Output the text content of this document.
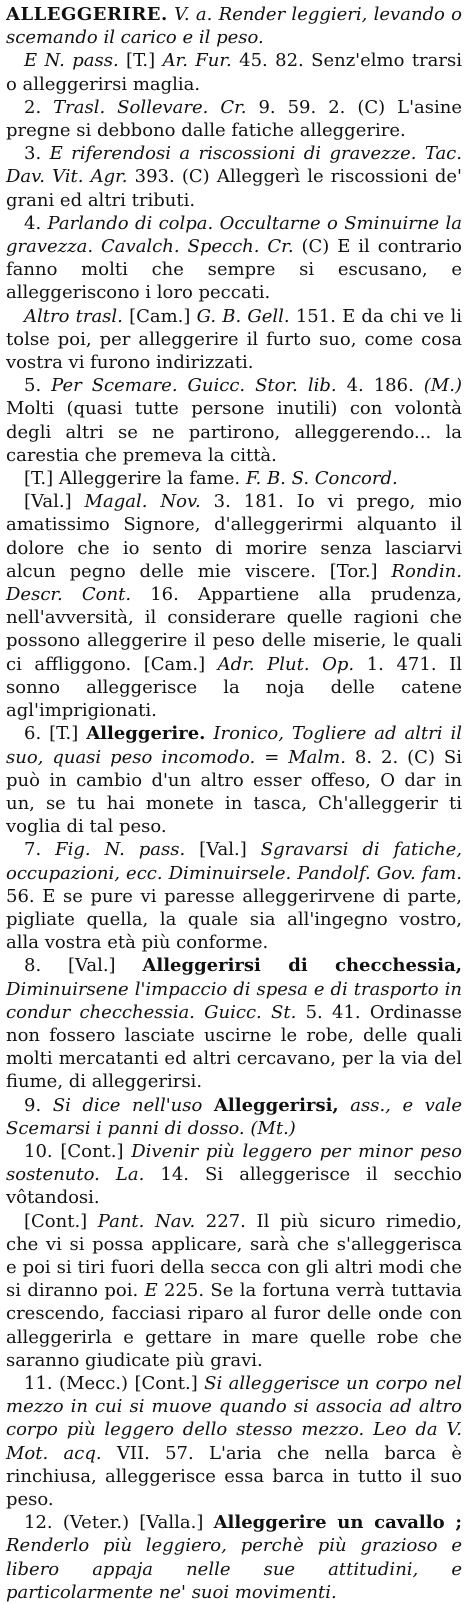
ALLEGGERIRE. V. a. Render leggieri, levando o scemando il carico e il peso.

E N. pass. [T.] Ar. Fur. 45. 82. Senz'elmo trarsi o alleggerirsi maglia.

2. Trasl. Sollevare. Cr. 9. 59. 2. (C) L'asine pregne si debbono dalle fatiche alleggerire.

3. E riferendosi a riscossioni di gravezze. Tac. Dav. Vit. Agr. 393. (C) Alleggerì le riscossioni de' grani ed altri tributi.

4. Parlando di colpa. Occultarne o Sminuirne la gravezza. Cavalch. Specch. Cr. (C) E il contrario fanno molti che sempre si escusano, e alleggeriscono i loro peccati.

Altro trasl. [Cam.] G. B. Gell. 151. E da chi ve li tolse poi, per alleggerire il furto suo, come cosa vostra vi furono indirizzati.

5. Per Scemare. Guicc. Stor. lib. 4. 186. (M.) Molti (quasi tutte persone inutili) con volontà degli altri se ne partirono, alleggerendo... la carestia che premeva la città.

[T.] Alleggerire la fame. F. B. S. Concord.

[Val.] Magal. Nov. 3. 181. Io vi prego, mio amatissimo Signore, d'alleggerirmi alquanto il dolore che io sento di morire senza lasciarvi alcun pegno delle mie viscere. [Tor.] Rondin. Descr. Cont. 16. Appartiene alla prudenza, nell'avversità, il considerare quelle ragioni che possono alleggerire il peso delle miserie, le quali ci affliggono. [Cam.] Adr. Plut. Op. 1. 471. Il sonno alleggerisce la noja delle catene agl'imprigionati.

6. [T.] Alleggerire. Ironico, Togliere ad altri il suo, quasi peso incomodo. = Malm. 8. 2. (C) Si può in cambio d'un altro esser offeso, O dar in un, se tu hai monete in tasca, Ch'alleggerir ti voglia di tal peso.

7. Fig. N. pass. [Val.] Sgravarsi di fatiche, occupazioni, ecc. Diminuirsele. Pandolf. Gov. fam. 56. E se pure vi paresse alleggerirvene di parte, pigliate quella, la quale sia all'ingegno vostro, alla vostra età più conforme.

8. [Val.] Alleggerirsi di checchessia, Diminuirsene l'impaccio di spesa e di trasporto in condur checchessia. Guicc. St. 5. 41. Ordinasse non fossero lasciate uscirne le robe, delle quali molti mercatanti ed altri cercavano, per la via del fiume, di alleggerirsi.

9. Si dice nell'uso Alleggerirsi, ass., e vale Scemarsi i panni di dosso. (Mt.)

10. [Cont.] Divenir più leggero per minor peso sostenuto. La. 14. Si alleggerisce il secchio vôtandosi.

[Cont.] Pant. Nav. 227. Il più sicuro rimedio, che vi si possa applicare, sarà che s'alleggerisca e poi si tiri fuori della secca con gli altri modi che si diranno poi. E 225. Se la fortuna verrà tuttavia crescendo, facciasi riparo al furor delle onde con alleggerirla e gettare in mare quelle robe che saranno giudicate più gravi.

11. (Mecc.) [Cont.] Si alleggerisce un corpo nel mezzo in cui si muove quando si associa ad altro corpo più leggero dello stesso mezzo. Leo da V. Mot. acq. VII. 57. L'aria che nella barca è rinchiusa, alleggerisce essa barca in tutto il suo peso.

12. (Veter.) [Valla.] Alleggerire un cavallo ; Renderlo più leggiero, perchè più grazioso e libero appaja nelle sue attitudini, e particolarmente ne' suoi movimenti.
